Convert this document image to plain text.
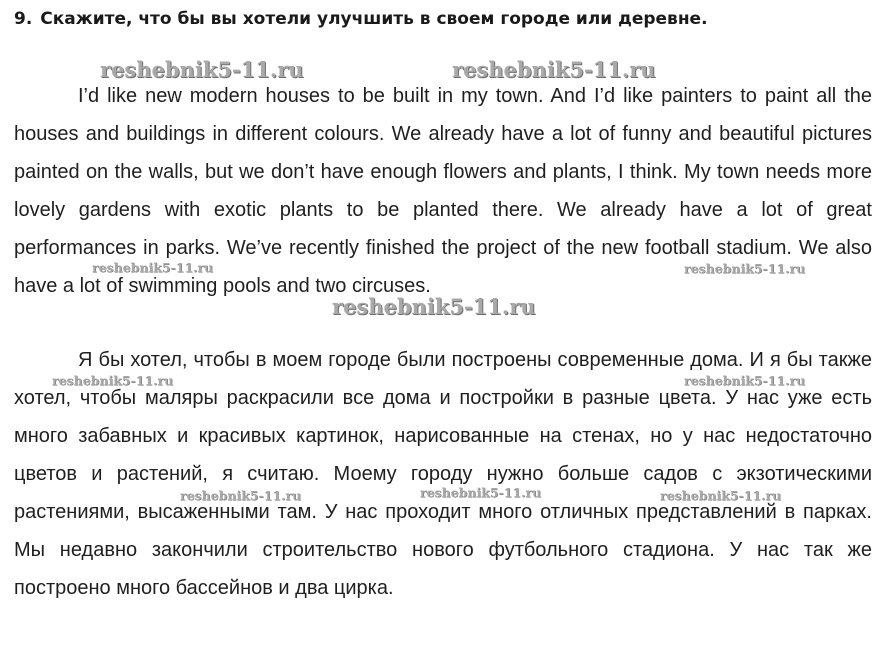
9. Скажите, что бы вы хотели улучшить в своем городе или деревне.

I’d like new modern houses to be built in my town. And I’d like painters to paint all the houses and buildings in different colours. We already have a lot of funny and beautiful pictures painted on the walls, but we don’t have enough flowers and plants, I think. My town needs more lovely gardens with exotic plants to be planted there. We already have a lot of great performances in parks. We’ve recently finished the project of the new football stadium. We also have a lot of swimming pools and two circuses.

Я бы хотел, чтобы в моем городе были построены современные дома. И я бы также хотел, чтобы маляры раскрасили все дома и постройки в разные цвета. У нас уже есть много забавных и красивых картинок, нарисованные на стенах, но у нас недостаточно цветов и растений, я считаю. Моему городу нужно больше садов с экзотическими растениями, высаженными там. У нас проходит много отличных представлений в парках. Мы недавно закончили строительство нового футбольного стадиона. У нас так же построено много бассейнов и два цирка.

reshebnik5-11.ru	reshebnik5-11.ru
reshebnik5-11.ru	reshebnik5-11.ru
reshebnik5-11.ru
reshebnik5-11.ru	reshebnik5-11.ru
reshebnik5-11.ru	reshebnik5-11.ru	reshebnik5-11.ru
